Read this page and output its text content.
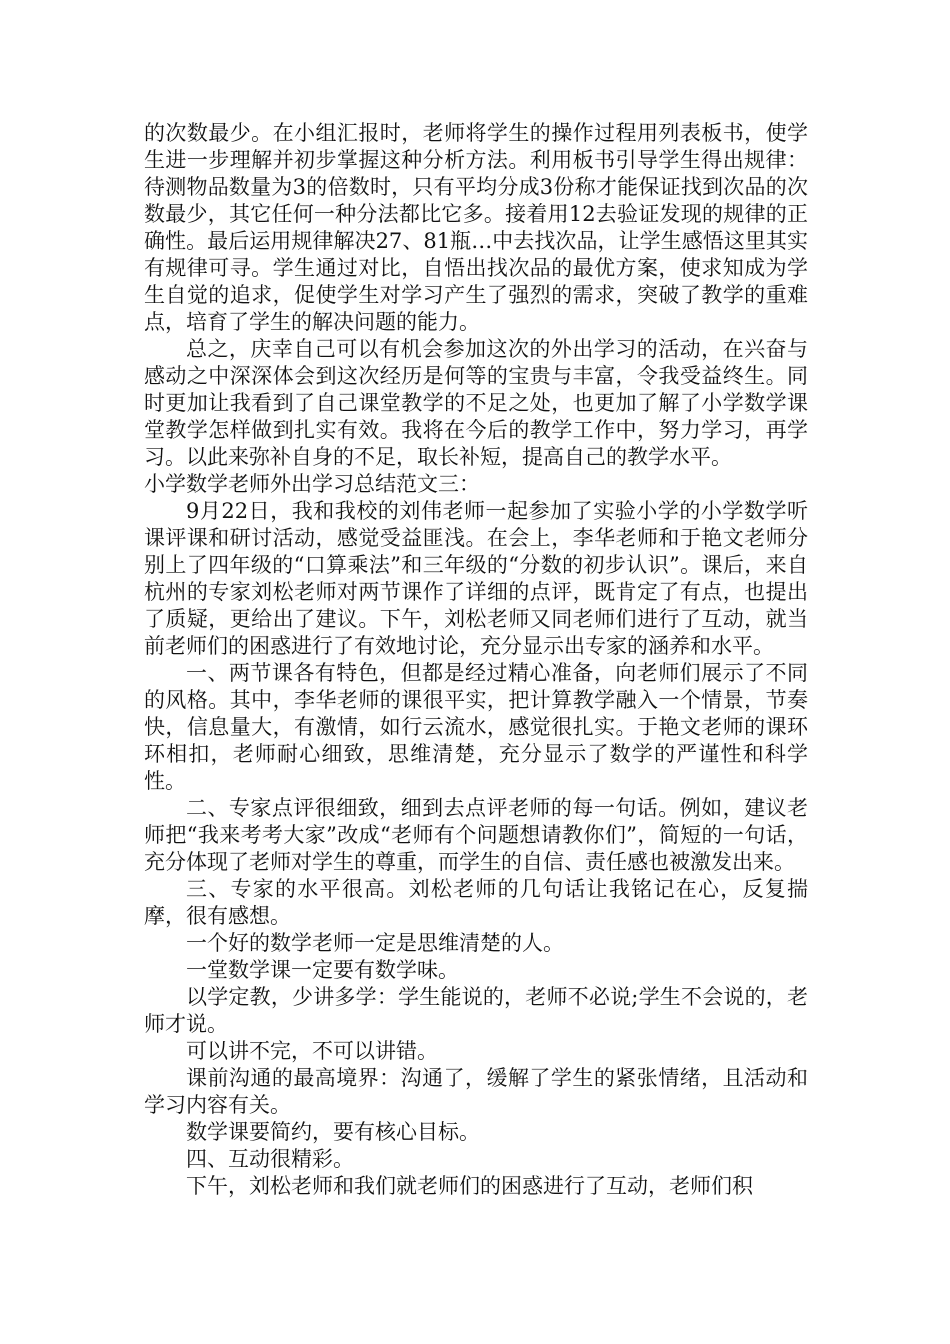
的次数最少。在小组汇报时，老师将学生的操作过程用列表板书，使学生进一步理解并初步掌握这种分析方法。利用板书引导学生得出规律：待测物品数量为3的倍数时，只有平均分成3份称才能保证找到次品的次数最少，其它任何一种分法都比它多。接着用12去验证发现的规律的正确性。最后运用规律解决27、81瓶…中去找次品，让学生感悟这里其实有规律可寻。学生通过对比，自悟出找次品的最优方案，使求知成为学生自觉的追求，促使学生对学习产生了强烈的需求，突破了教学的重难点，培育了学生的解决问题的能力。

总之，庆幸自己可以有机会参加这次的外出学习的活动，在兴奋与感动之中深深体会到这次经历是何等的宝贵与丰富，令我受益终生。同时更加让我看到了自己课堂教学的不足之处，也更加了解了小学数学课堂教学怎样做到扎实有效。我将在今后的教学工作中，努力学习，再学习。以此来弥补自身的不足，取长补短，提高自己的教学水平。

小学数学老师外出学习总结范文三：

9月22日，我和我校的刘伟老师一起参加了实验小学的小学数学听课评课和研讨活动，感觉受益匪浅。在会上，李华老师和于艳文老师分别上了四年级的“口算乘法”和三年级的“分数的初步认识”。课后，来自杭州的专家刘松老师对两节课作了详细的点评，既肯定了有点，也提出了质疑，更给出了建议。下午，刘松老师又同老师们进行了互动，就当前老师们的困惑进行了有效地讨论，充分显示出专家的涵养和水平。

一、两节课各有特色，但都是经过精心准备，向老师们展示了不同的风格。其中，李华老师的课很平实，把计算教学融入一个情景，节奏快，信息量大，有激情，如行云流水，感觉很扎实。于艳文老师的课环环相扣，老师耐心细致，思维清楚，充分显示了数学的严谨性和科学性。

二、专家点评很细致，细到去点评老师的每一句话。例如，建议老师把“我来考考大家”改成“老师有个问题想请教你们”，简短的一句话，充分体现了老师对学生的尊重，而学生的自信、责任感也被激发出来。

三、专家的水平很高。刘松老师的几句话让我铭记在心，反复揣摩，很有感想。

一个好的数学老师一定是思维清楚的人。

一堂数学课一定要有数学味。

以学定教，少讲多学：学生能说的，老师不必说;学生不会说的，老师才说。

可以讲不完，不可以讲错。

课前沟通的最高境界：沟通了，缓解了学生的紧张情绪，且活动和学习内容有关。

数学课要简约，要有核心目标。

四、互动很精彩。

下午，刘松老师和我们就老师们的困惑进行了互动，老师们积
